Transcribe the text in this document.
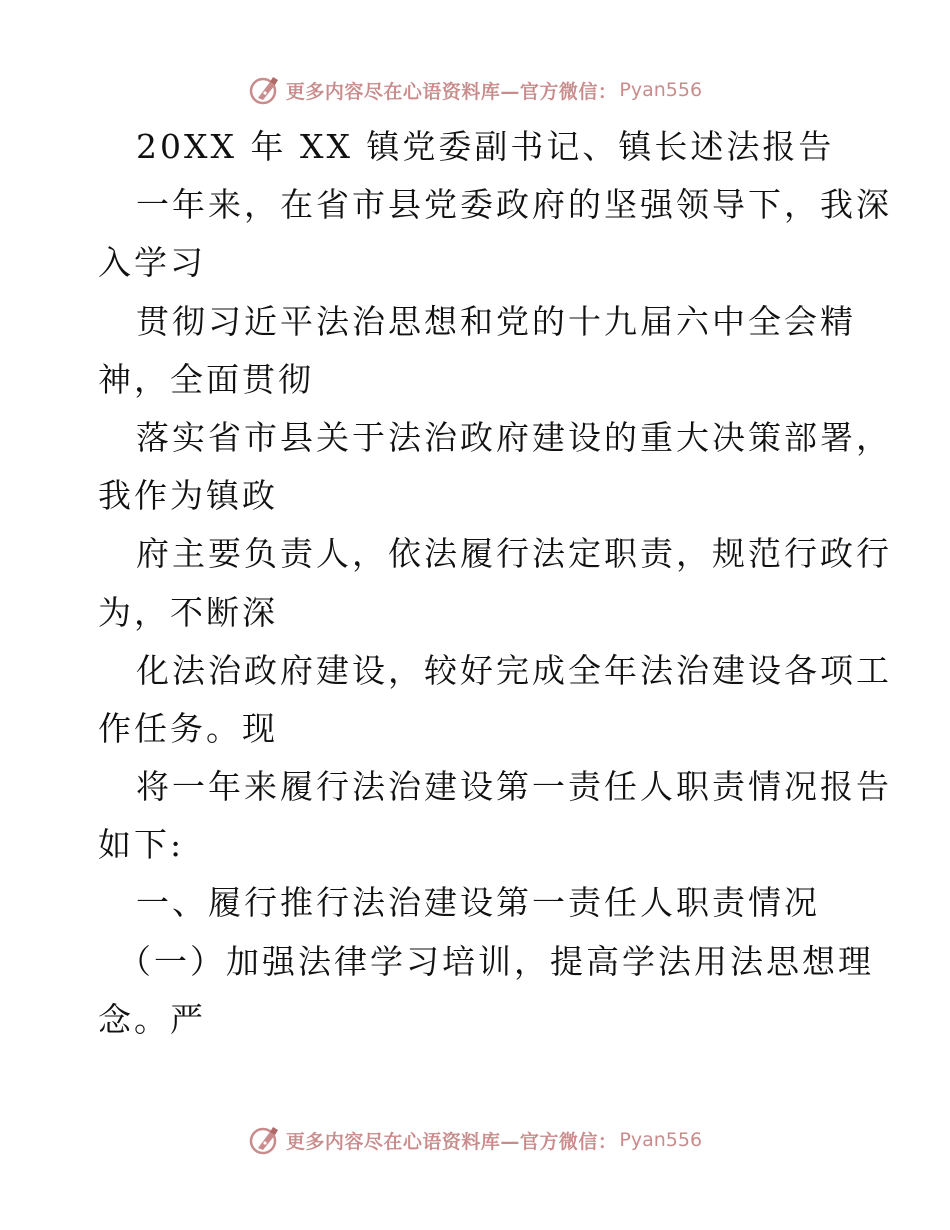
更多内容尽在心语资料库—官方微信： Pyan556
20XX 年 XX 镇党委副书记、镇长述法报告
一年来，在省市县党委政府的坚强领导下，我深
入学习
贯彻习近平法治思想和党的十九届六中全会精
神，全面贯彻
落实省市县关于法治政府建设的重大决策部署，
我作为镇政
府主要负责人，依法履行法定职责，规范行政行
为，不断深
化法治政府建设，较好完成全年法治建设各项工
作任务。现
将一年来履行法治建设第一责任人职责情况报告
如下:
一、履行推行法治建设第一责任人职责情况
（一）加强法律学习培训，提高学法用法思想理
念。严
更多内容尽在心语资料库—官方微信： Pyan556
